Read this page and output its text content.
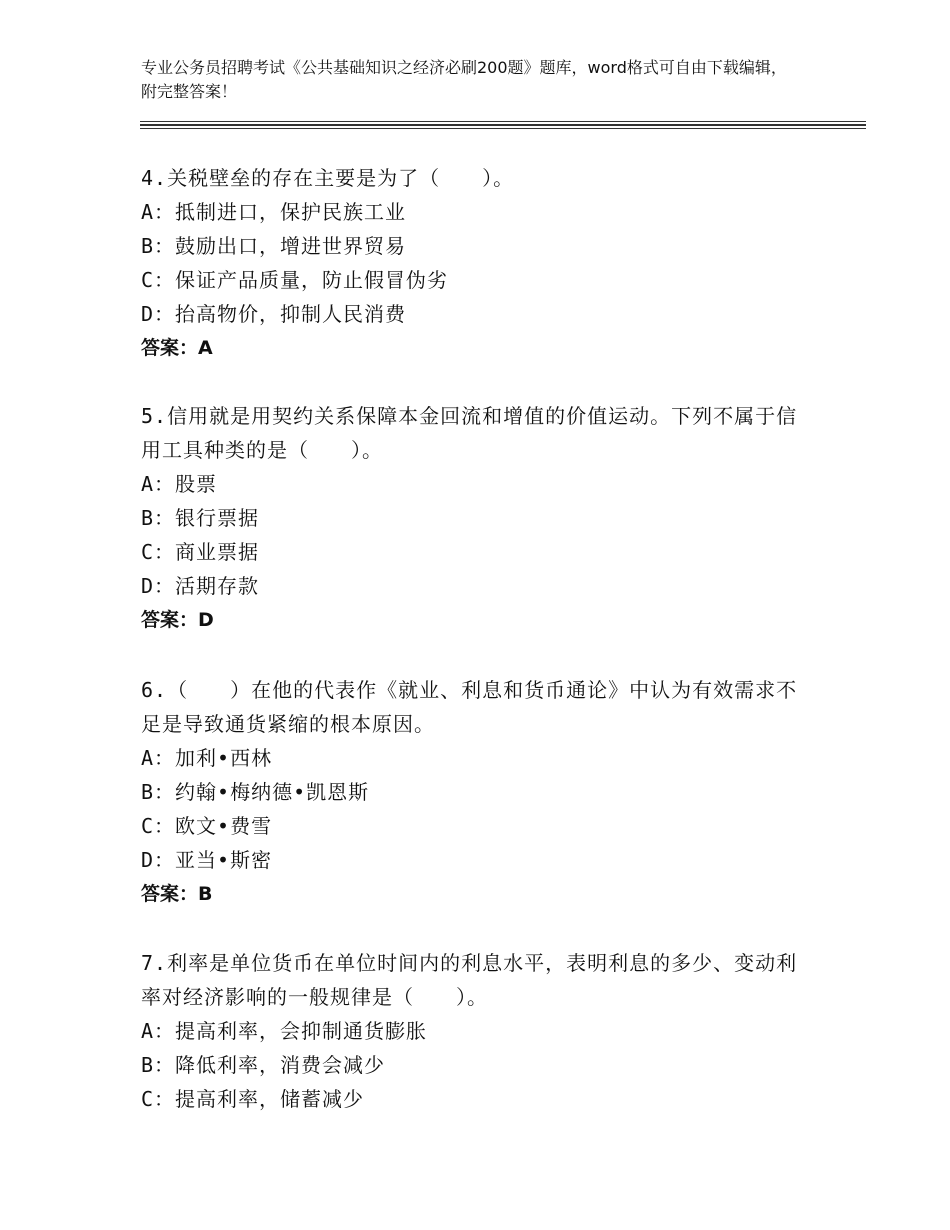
专业公务员招聘考试《公共基础知识之经济必刷200题》题库，word格式可自由下载编辑，附完整答案！

4.关税壁垒的存在主要是为了（　　）。

A：抵制进口，保护民族工业

B：鼓励出口，增进世界贸易

C：保证产品质量，防止假冒伪劣

D：抬高物价，抑制人民消费

答案：A

5.信用就是用契约关系保障本金回流和增值的价值运动。下列不属于信用工具种类的是（　　）。

A：股票

B：银行票据

C：商业票据

D：活期存款

答案：D

6.（　　）在他的代表作《就业、利息和货币通论》中认为有效需求不足是导致通货紧缩的根本原因。

A：加利•西林

B：约翰•梅纳德•凯恩斯

C：欧文•费雪

D：亚当•斯密

答案：B

7.利率是单位货币在单位时间内的利息水平，表明利息的多少、变动利率对经济影响的一般规律是（　　）。

A：提高利率，会抑制通货膨胀

B：降低利率，消费会减少

C：提高利率，储蓄减少
